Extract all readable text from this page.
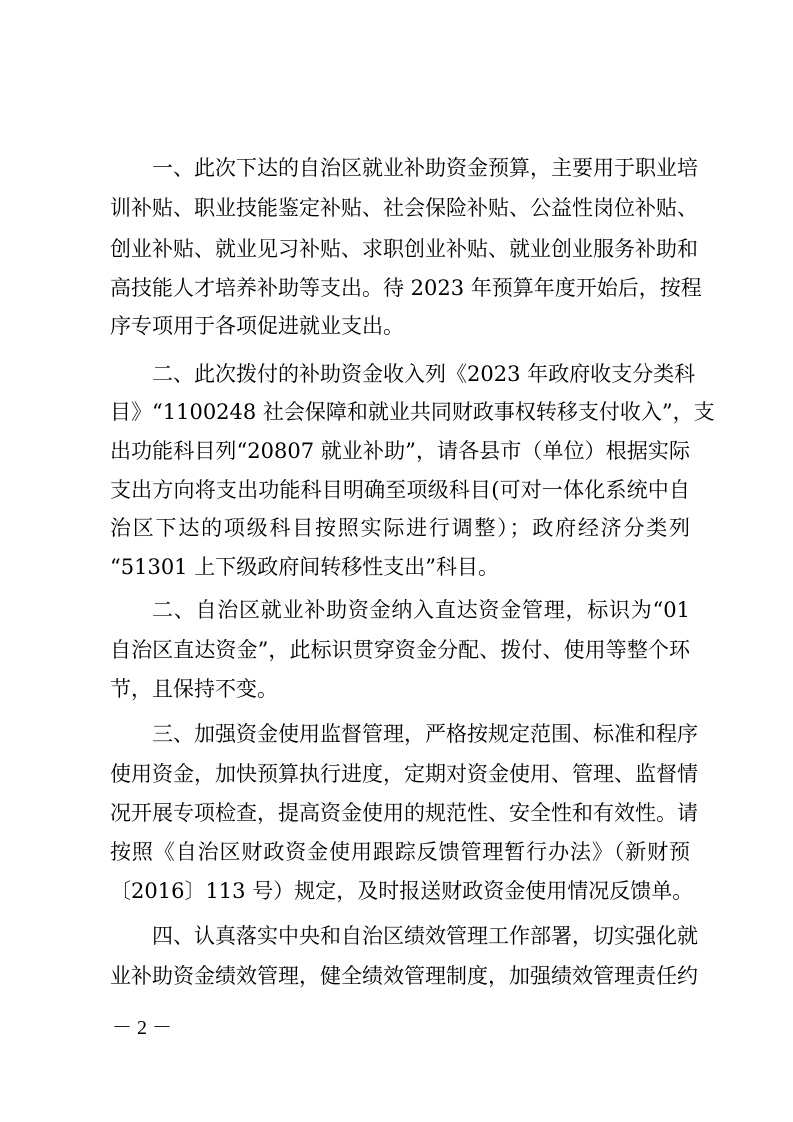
一、此次下达的自治区就业补助资金预算，主要用于职业培
训补贴、职业技能鉴定补贴、社会保险补贴、公益性岗位补贴、
创业补贴、就业见习补贴、求职创业补贴、就业创业服务补助和
高技能人才培养补助等支出。待 2023 年预算年度开始后，按程
序专项用于各项促进就业支出。
二、此次拨付的补助资金收入列《2023 年政府收支分类科
目》“1100248 社会保障和就业共同财政事权转移支付收入”，支
出功能科目列“20807 就业补助”，请各县市（单位）根据实际
支出方向将支出功能科目明确至项级科目(可对一体化系统中自
治区下达的项级科目按照实际进行调整）；政府经济分类列
“51301 上下级政府间转移性支出”科目。
二、自治区就业补助资金纳入直达资金管理，标识为“01
自治区直达资金”，此标识贯穿资金分配、拨付、使用等整个环
节，且保持不变。
三、加强资金使用监督管理，严格按规定范围、标准和程序
使用资金，加快预算执行进度，定期对资金使用、管理、监督情
况开展专项检查，提高资金使用的规范性、安全性和有效性。请
按照《自治区财政资金使用跟踪反馈管理暂行办法》（新财预
〔2016〕113 号）规定，及时报送财政资金使用情况反馈单。
四、认真落实中央和自治区绩效管理工作部署，切实强化就
业补助资金绩效管理，健全绩效管理制度，加强绩效管理责任约
－ 2 －
